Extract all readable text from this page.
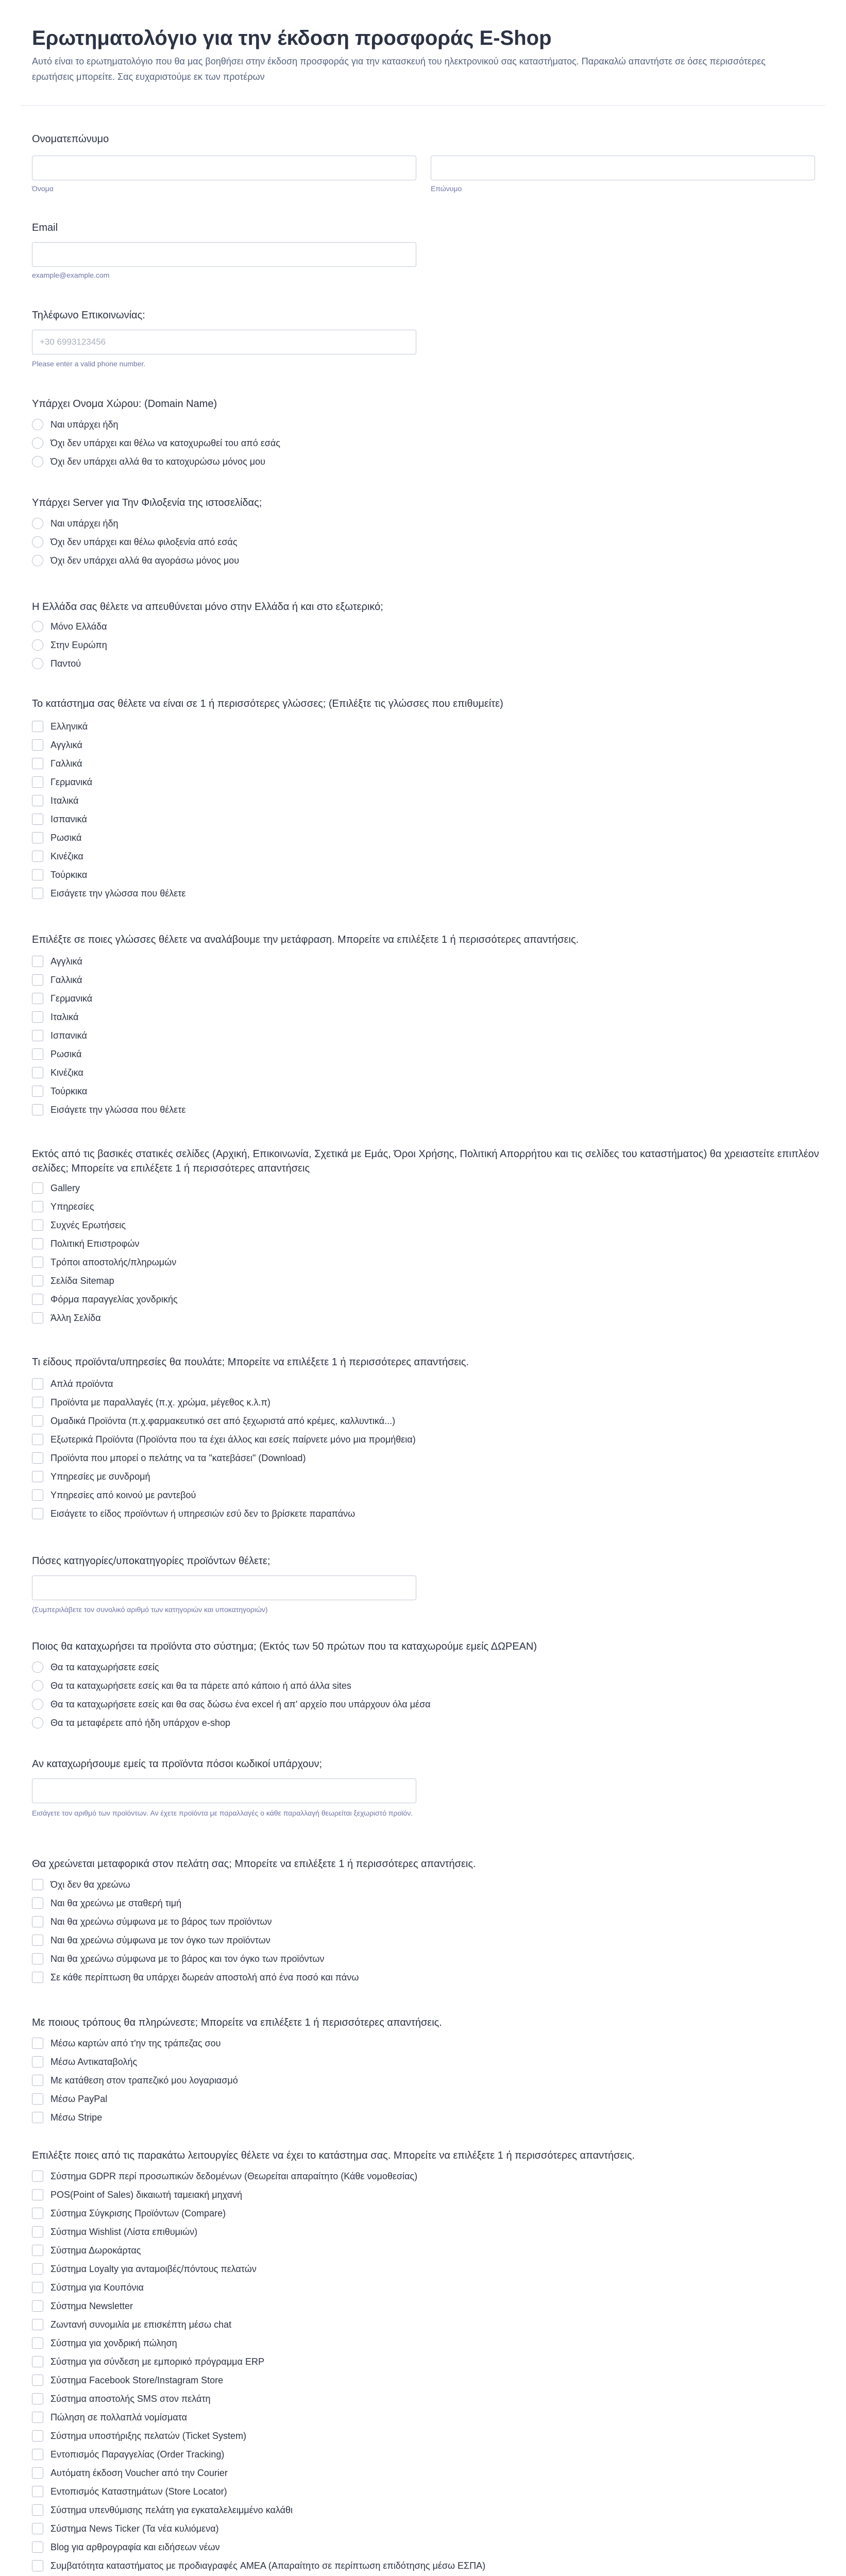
Ερωτηματολόγιο για την έκδοση προσφοράς E-Shop

Αυτό είναι το ερωτηματολόγιο που θα μας βοηθήσει στην έκδοση προσφοράς για την κατασκευή του ηλεκτρονικού σας καταστήματος. Παρακαλώ απαντήστε σε όσες περισσότερες ερωτήσεις μπορείτε. Σας ευχαριστούμε εκ των προτέρων

Ονοματεπώνυμο
Όνομα	Επώνυμο
Email
example@example.com
Τηλέφωνο Επικοινωνίας:
+30 6993123456
Please enter a valid phone number.
Υπάρχει Ονομα Χώρου: (Domain Name)
Ναι υπάρχει ήδη
Όχι δεν υπάρχει και θέλω να κατοχυρωθεί του από εσάς
Όχι δεν υπάρχει αλλά θα το κατοχυρώσω μόνος μου
Υπάρχει Server για Την Φιλοξενία της ιστοσελίδας;
Ναι υπάρχει ήδη
Όχι δεν υπάρχει και θέλω φιλοξενία από εσάς
Όχι δεν υπάρχει αλλά θα αγοράσω μόνος μου
Η Ελλάδα σας θέλετε να απευθύνεται μόνο στην Ελλάδα ή και στο εξωτερικό;
Μόνο Ελλάδα
Στην Ευρώπη
Παντού
Το κατάστημα σας θέλετε να είναι σε 1 ή περισσότερες γλώσσες; (Επιλέξτε τις γλώσσες που επιθυμείτε)
Ελληνικά
Αγγλικά
Γαλλικά
Γερμανικά
Ιταλικά
Ισπανικά
Ρωσικά
Κινέζικα
Τούρκικα
Εισάγετε την γλώσσα που θέλετε
Επιλέξτε σε ποιες γλώσσες θέλετε να αναλάβουμε την μετάφραση. Μπορείτε να επιλέξετε 1 ή περισσότερες απαντήσεις.
Αγγλικά
Γαλλικά
Γερμανικά
Ιταλικά
Ισπανικά
Ρωσικά
Κινέζικα
Τούρκικα
Εισάγετε την γλώσσα που θέλετε
Εκτός από τις βασικές στατικές σελίδες (Αρχική, Επικοινωνία, Σχετικά με Εμάς, Όροι Χρήσης, Πολιτική Απορρήτου και τις σελίδες του καταστήματος) θα χρειαστείτε επιπλέον σελίδες; Μπορείτε να επιλέξετε 1 ή περισσότερες απαντήσεις
Gallery
Υπηρεσίες
Συχνές Ερωτήσεις
Πολιτική Επιστροφών
Τρόποι αποστολής/πληρωμών
Σελίδα Sitemap
Φόρμα παραγγελίας χονδρικής
Άλλη Σελίδα
Τι είδους προϊόντα/υπηρεσίες θα πουλάτε; Μπορείτε να επιλέξετε 1 ή περισσότερες απαντήσεις.
Απλά προϊόντα
Προϊόντα με παραλλαγές (π.χ. χρώμα, μέγεθος κ.λ.π)
Ομαδικά Προϊόντα (π.χ.φαρμακευτικό σετ από ξεχωριστά από κρέμες, καλλυντικά...)
Εξωτερικά Προϊόντα (Προϊόντα που τα έχει άλλος και εσείς παίρνετε μόνο μια προμήθεια)
Προϊόντα που μπορεί ο πελάτης να τα "κατεβάσει" (Download)
Υπηρεσίες με συνδρομή
Υπηρεσίες από κοινού με ραντεβού
Εισάγετε το είδος προϊόντων ή υπηρεσιών εσύ δεν το βρίσκετε παραπάνω
Πόσες κατηγορίες/υποκατηγορίες προϊόντων θέλετε;
(Συμπεριλάβετε τον συνολικό αριθμό των κατηγοριών και υποκατηγοριών)
Ποιος θα καταχωρήσει τα προϊόντα στο σύστημα; (Εκτός των 50 πρώτων που τα καταχωρούμε εμείς ΔΩΡΕΑΝ)
Θα τα καταχωρήσετε εσείς
Θα τα καταχωρήσετε εσείς και θα τα πάρετε από κάποιο ή από άλλα sites
Θα τα καταχωρήσετε εσείς και θα σας δώσω ένα excel ή απ' αρχείο που υπάρχουν όλα μέσα
Θα τα μεταφέρετε από ήδη υπάρχον e-shop
Αν καταχωρήσουμε εμείς τα προϊόντα πόσοι κωδικοί υπάρχουν;
Εισάγετε τον αριθμό των προϊόντων. Αν έχετε προϊόντα με παραλλαγές ο κάθε παραλλαγή θεωρείται ξεχωριστό προϊόν.
Θα χρεώνεται μεταφορικά στον πελάτη σας; Μπορείτε να επιλέξετε 1 ή περισσότερες απαντήσεις.
Όχι δεν θα χρεώνω
Ναι θα χρεώνω με σταθερή τιμή
Ναι θα χρεώνω σύμφωνα με το βάρος των προϊόντων
Ναι θα χρεώνω σύμφωνα με τον όγκο των προϊόντων
Ναι θα χρεώνω σύμφωνα με το βάρος και τον όγκο των προϊόντων
Σε κάθε περίπτωση θα υπάρχει δωρεάν αποστολή από ένα ποσό και πάνω
Με ποιους τρόπους θα πληρώνεστε; Μπορείτε να επιλέξετε 1 ή περισσότερες απαντήσεις.
Μέσω καρτών από τ'ην της τράπεζας σου
Μέσω Αντικαταβολής
Με κατάθεση στον τραπεζικό μου λογαριασμό
Μέσω PayPal
Μέσω Stripe
Επιλέξτε ποιες από τις παρακάτω λειτουργίες θέλετε να έχει το κατάστημα σας. Μπορείτε να επιλέξετε 1 ή περισσότερες απαντήσεις.
Σύστημα GDPR περί προσωπικών δεδομένων (Θεωρείται απαραίτητο (Κάθε νομοθεσίας)
POS(Point of Sales) δικαιωτή ταμειακή μηχανή
Σύστημα Σύγκρισης Προϊόντων (Compare)
Σύστημα Wishlist (Λίστα επιθυμιών)
Σύστημα Δωροκάρτας
Σύστημα Loyalty για ανταμοιβές/πόντους πελατών
Σύστημα για Κουπόνια
Σύστημα Newsletter
Ζωντανή συνομιλία με επισκέπτη μέσω chat
Σύστημα για χονδρική πώληση
Σύστημα για σύνδεση με εμπορικό πρόγραμμα ERP
Σύστημα Facebook Store/Instagram Store
Σύστημα αποστολής SMS στον πελάτη
Πώληση σε πολλαπλά νομίσματα
Σύστημα υποστήριξης πελατών (Ticket System)
Εντοπισμός Παραγγελίας (Order Tracking)
Αυτόματη έκδοση Voucher από την Courier
Εντοπισμός Καταστημάτων (Store Locator)
Σύστημα υπενθύμισης πελάτη για εγκαταλελειμμένο καλάθι
Σύστημα News Ticker (Τα νέα κυλιόμενα)
Blog για αρθρογραφία και ειδήσεων νέων
Συμβατότητα καταστήματος με προδιαγραφές AMEA (Απαραίτητο σε περίπτωση επιδότησης μέσω ΕΣΠΑ)
